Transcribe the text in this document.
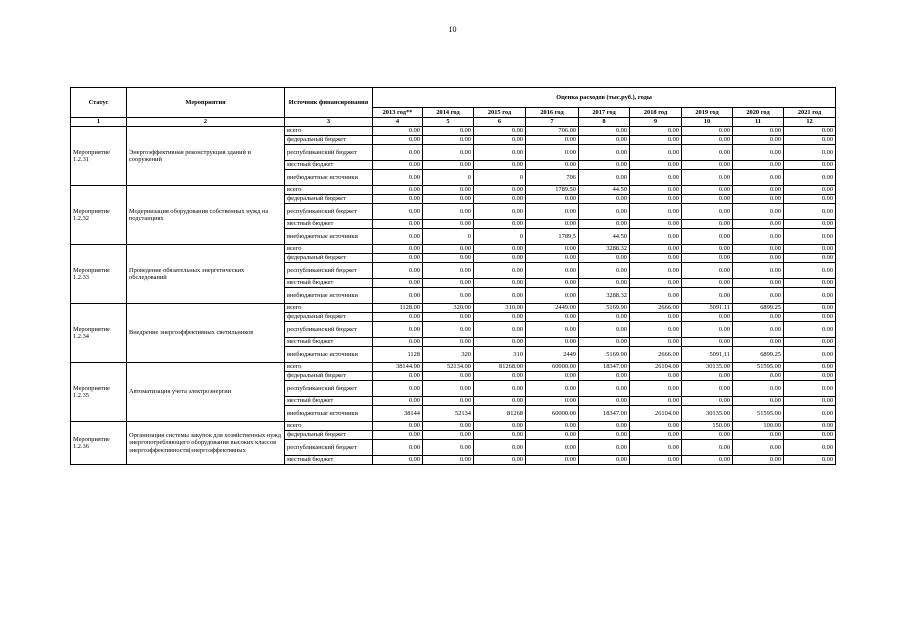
10
Статус	Мероприятия	Источник финансирования	Оценка расходов (тыс.руб.), годы								
			2013 год**	2014 год	2015 год	2016 год	2017 год	2018 год	2019 год	2020 год	2021 год
1	2	3	4	5	6	7	8	9	10	11	12
Мероприятие 1.2.31	Энергоэффективная реконструкция зданий и сооружений	всего	0.00	0.00	0.00	706.00	0.00	0.00	0.00	0.00	0.00
		федеральный бюджет	0.00	0.00	0.00	0.00	0.00	0.00	0.00	0.00	0.00
		республиканский бюджет	0.00	0.00	0.00	0.00	0.00	0.00	0.00	0.00	0.00
		местный бюджет	0.00	0.00	0.00	0.00	0.00	0.00	0.00	0.00	0.00
		внебюджетные источники	0.00	0	0	706	0.00	0.00	0.00	0.00	0.00
Мероприятие 1.2.32	Модернизация оборудования собственных нужд на подстанциях	всего	0.00	0.00	0.00	1789.50	44.50	0.00	0.00	0.00	0.00
		федеральный бюджет	0.00	0.00	0.00	0.00	0.00	0.00	0.00	0.00	0.00
		республиканский бюджет	0.00	0.00	0.00	0.00	0.00	0.00	0.00	0.00	0.00
		местный бюджет	0.00	0.00	0.00	0.00	0.00	0.00	0.00	0.00	0.00
		внебюджетные источники	0.00	0	0	1789,5	44.50	0.00	0.00	0.00	0.00
Мероприятие 1.2.33	Проведение обязательных энергетических обследований	всего	0.00	0.00	0.00	0.00	3288.32	0.00	0.00	0.00	0.00
		федеральный бюджет	0.00	0.00	0.00	0.00	0.00	0.00	0.00	0.00	0.00
		республиканский бюджет	0.00	0.00	0.00	0.00	0.00	0.00	0.00	0.00	0.00
		местный бюджет	0.00	0.00	0.00	0.00	0.00	0.00	0.00	0.00	0.00
		внебюджетные источники	0.00	0.00	0.00	0.00	3288.32	0.00	0.00	0.00	0.00
Мероприятие 1.2.34	Внедрение энергоэффективных светильников	всего	1128.00	320.00	310.00	2449.00	5169.90	2666.00	5091.11	6899.25	0.00
		федеральный бюджет	0.00	0.00	0.00	0.00	0.00	0.00	0.00	0.00	0.00
		республиканский бюджет	0.00	0.00	0.00	0.00	0.00	0.00	0.00	0.00	0.00
		местный бюджет	0.00	0.00	0.00	0.00	0.00	0.00	0.00	0.00	0.00
		внебюджетные источники	1128	320	310	2449	5169.90	2666.00	5091,11	6899.25	0.00
Мероприятие 1.2.35	Автоматизация учета электроэнергии	всего	38144.00	52134.00	81268.00	60000.00	18347.00	26104.00	30135.00	51595.00	0.00
		федеральный бюджет	0.00	0.00	0.00	0.00	0.00	0.00	0.00	0.00	0.00
		республиканский бюджет	0.00	0.00	0.00	0.00	0.00	0.00	0.00	0.00	0.00
		местный бюджет	0.00	0.00	0.00	0.00	0.00	0.00	0.00	0.00	0.00
		внебюджетные источники	38144	52134	81268	60000.00	18347.00	26104.00	30135.00	51595.00	0.00
Мероприятие 1.2.36	Организация системы закупок для хозяйственных нужд энергопотребляющего оборудования высоких классов энергоэффективности(энергоэффективных	всего	0.00	0.00	0.00	0.00	0.00	0.00	150.00	100.00	0.00
		федеральный бюджет	0.00	0.00	0.00	0.00	0.00	0.00	0.00	0.00	0.00
		республиканский бюджет	0.00	0.00	0.00	0.00	0.00	0.00	0.00	0.00	0.00
		местный бюджет	0.00	0.00	0.00	0.00	0.00	0.00	0.00	0.00	0.00
